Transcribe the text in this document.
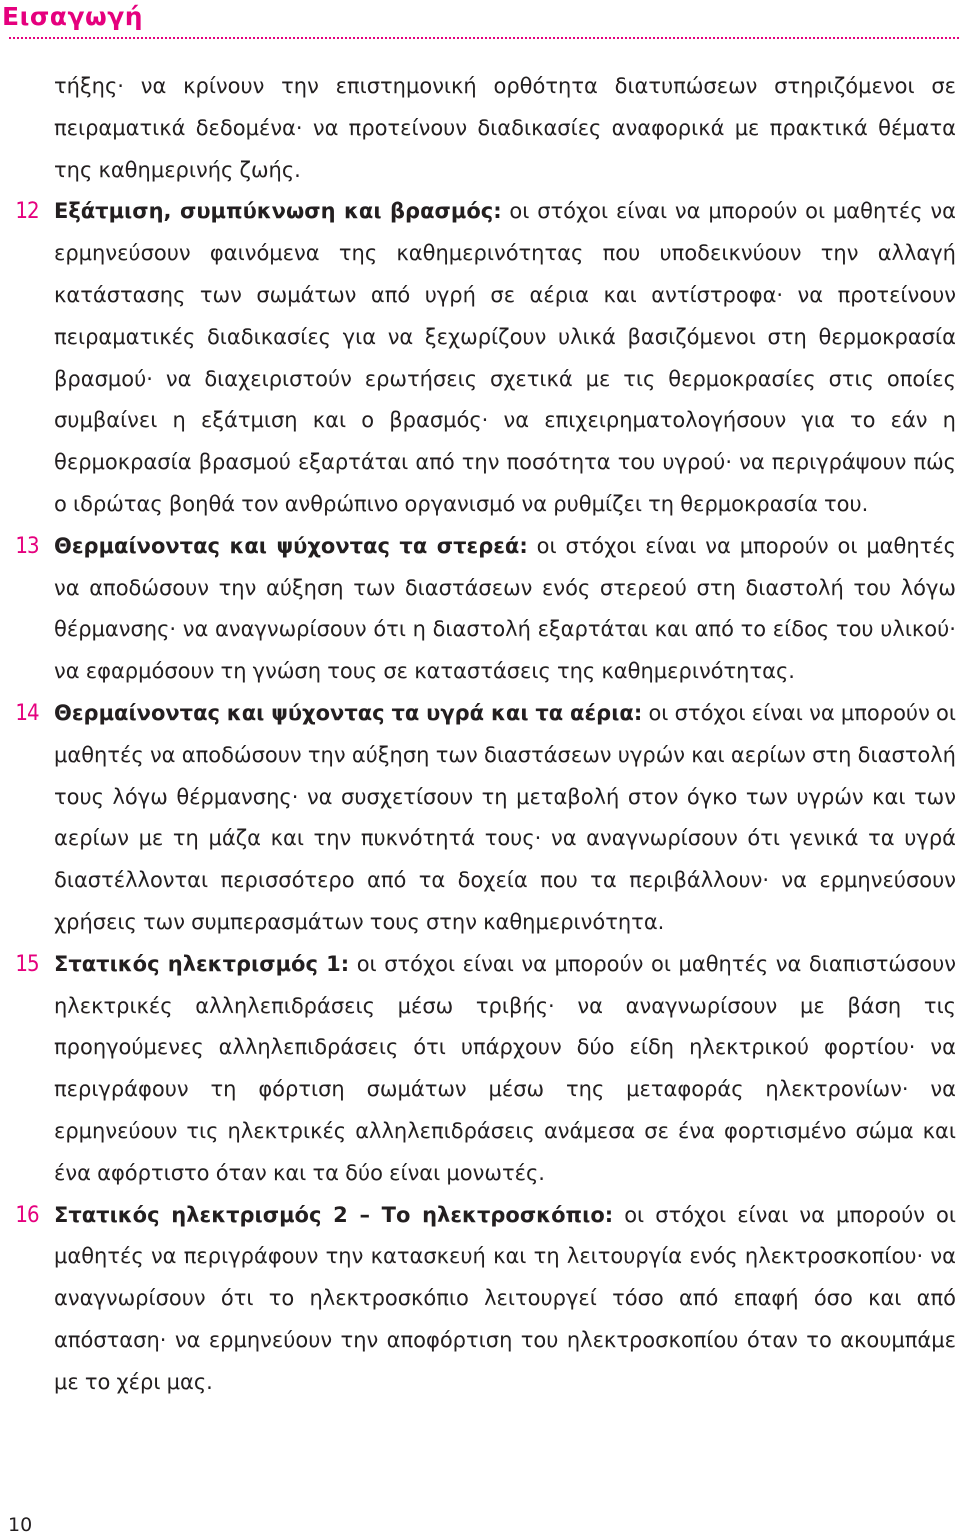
Εισαγωγή

τήξης· να κρίνουν την επιστημονική ορθότητα διατυπώσεων στηριζόμενοι σε πειραματικά δεδομένα· να προτείνουν διαδικασίες αναφορικά με πρακτικά θέματα της καθημερινής ζωής.

12 Εξάτμιση, συμπύκνωση και βρασμός: οι στόχοι είναι να μπορούν οι μαθητές να ερμηνεύσουν φαινόμενα της καθημερινότητας που υποδεικνύουν την αλλαγή κατάστασης των σωμάτων από υγρή σε αέρια και αντίστροφα· να προτείνουν πειραματικές διαδικασίες για να ξεχωρίζουν υλικά βασιζόμενοι στη θερμοκρασία βρασμού· να διαχειριστούν ερωτήσεις σχετικά με τις θερμοκρασίες στις οποίες συμβαίνει η εξάτμιση και ο βρασμός· να επιχειρηματολογήσουν για το εάν η θερμοκρασία βρασμού εξαρτάται από την ποσότητα του υγρού· να περιγράψουν πώς ο ιδρώτας βοηθά τον ανθρώπινο οργανισμό να ρυθμίζει τη θερμοκρασία του.

13 Θερμαίνοντας και ψύχοντας τα στερεά: οι στόχοι είναι να μπορούν οι μαθητές να αποδώσουν την αύξηση των διαστάσεων ενός στερεού στη διαστολή του λόγω θέρμανσης· να αναγνωρίσουν ότι η διαστολή εξαρτάται και από το είδος του υλικού· να εφαρμόσουν τη γνώση τους σε καταστάσεις της καθημερινότητας.

14 Θερμαίνοντας και ψύχοντας τα υγρά και τα αέρια: οι στόχοι είναι να μπορούν οι μαθητές να αποδώσουν την αύξηση των διαστάσεων υγρών και αερίων στη διαστολή τους λόγω θέρμανσης· να συσχετίσουν τη μεταβολή στον όγκο των υγρών και των αερίων με τη μάζα και την πυκνότητά τους· να αναγνωρίσουν ότι γενικά τα υγρά διαστέλλονται περισσότερο από τα δοχεία που τα περιβάλλουν· να ερμηνεύσουν χρήσεις των συμπερασμάτων τους στην καθημερινότητα.

15 Στατικός ηλεκτρισμός 1: οι στόχοι είναι να μπορούν οι μαθητές να διαπιστώσουν ηλεκτρικές αλληλεπιδράσεις μέσω τριβής· να αναγνωρίσουν με βάση τις προηγούμενες αλληλεπιδράσεις ότι υπάρχουν δύο είδη ηλεκτρικού φορτίου· να περιγράφουν τη φόρτιση σωμάτων μέσω της μεταφοράς ηλεκτρονίων· να ερμηνεύουν τις ηλεκτρικές αλληλεπιδράσεις ανάμεσα σε ένα φορτισμένο σώμα και ένα αφόρτιστο όταν και τα δύο είναι μονωτές.

16 Στατικός ηλεκτρισμός 2 – Το ηλεκτροσκόπιο: οι στόχοι είναι να μπορούν οι μαθητές να περιγράφουν την κατασκευή και τη λειτουργία ενός ηλεκτροσκοπίου· να αναγνωρίσουν ότι το ηλεκτροσκόπιο λειτουργεί τόσο από επαφή όσο και από απόσταση· να ερμηνεύουν την αποφόρτιση του ηλεκτροσκοπίου όταν το ακουμπάμε με το χέρι μας.

10
